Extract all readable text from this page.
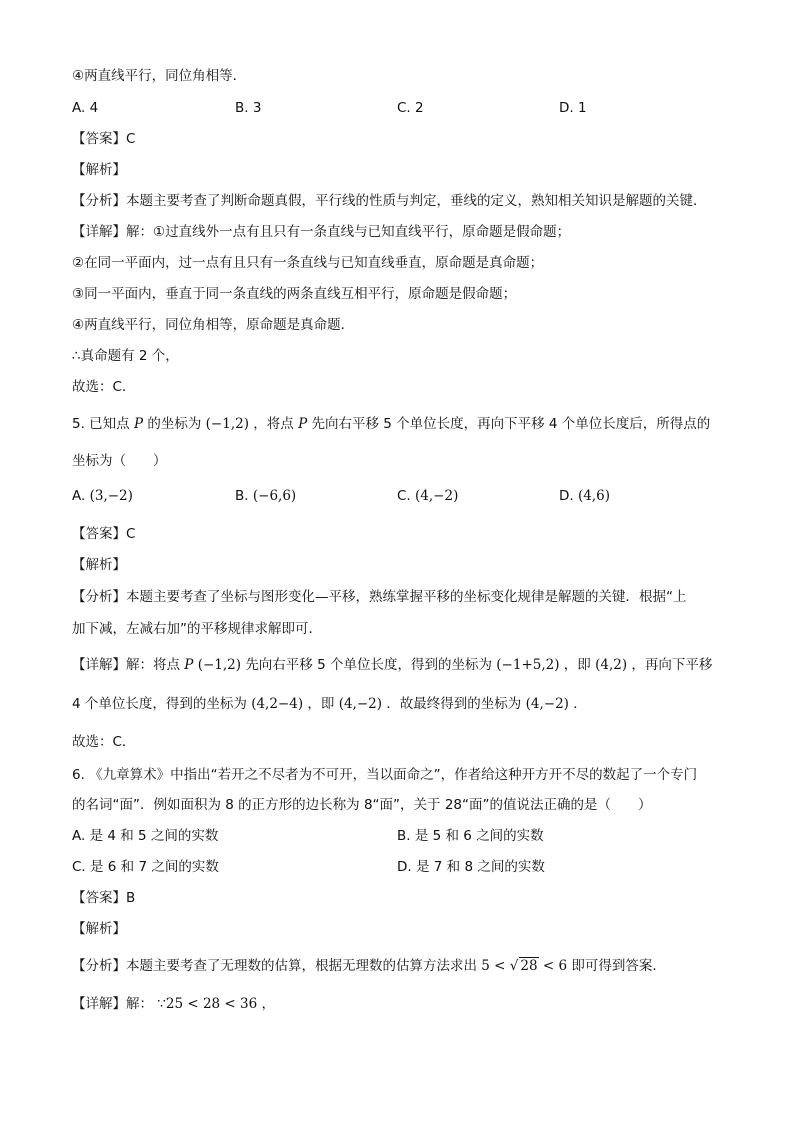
④两直线平行，同位角相等．
A. 4	B. 3	C. 2	D. 1
【答案】C
【解析】
【分析】本题主要考查了判断命题真假，平行线的性质与判定，垂线的定义，熟知相关知识是解题的关键．
【详解】解：①过直线外一点有且只有一条直线与已知直线平行，原命题是假命题；
②在同一平面内，过一点有且只有一条直线与已知直线垂直，原命题是真命题；
③同一平面内，垂直于同一条直线的两条直线互相平行，原命题是假命题；
④两直线平行，同位角相等，原命题是真命题．
∴真命题有 2 个，
故选：C．
5. 已知点 P 的坐标为 (−1,2) ，将点 P 先向右平移 5 个单位长度，再向下平移 4 个单位长度后，所得点的
坐标为（　　）
A. (3,−2)	B. (−6,6)	C. (4,−2)	D. (4,6)
【答案】C
【解析】
【分析】本题主要考查了坐标与图形变化—平移，熟练掌握平移的坐标变化规律是解题的关键．根据“上
加下减，左减右加”的平移规律求解即可．
【详解】解：将点 P (−1,2) 先向右平移 5 个单位长度，得到的坐标为 (−1+5,2) ，即 (4,2) ，再向下平移
4 个单位长度，得到的坐标为 (4,2−4) ，即 (4,−2) ．故最终得到的坐标为 (4,−2) ．
故选：C．
6. 《九章算术》中指出“若开之不尽者为不可开，当以面命之”，作者给这种开方开不尽的数起了一个专门
的名词“面”．例如面积为 8 的正方形的边长称为 8“面”，关于 28“面”的值说法正确的是（　　）
A. 是 4 和 5 之间的实数	B. 是 5 和 6 之间的实数
C. 是 6 和 7 之间的实数	D. 是 7 和 8 之间的实数
【答案】B
【解析】
【分析】本题主要考查了无理数的估算，根据无理数的估算方法求出 5 < √ 28 < 6 即可得到答案．
【详解】解： ∵25 < 28 < 36 ，
